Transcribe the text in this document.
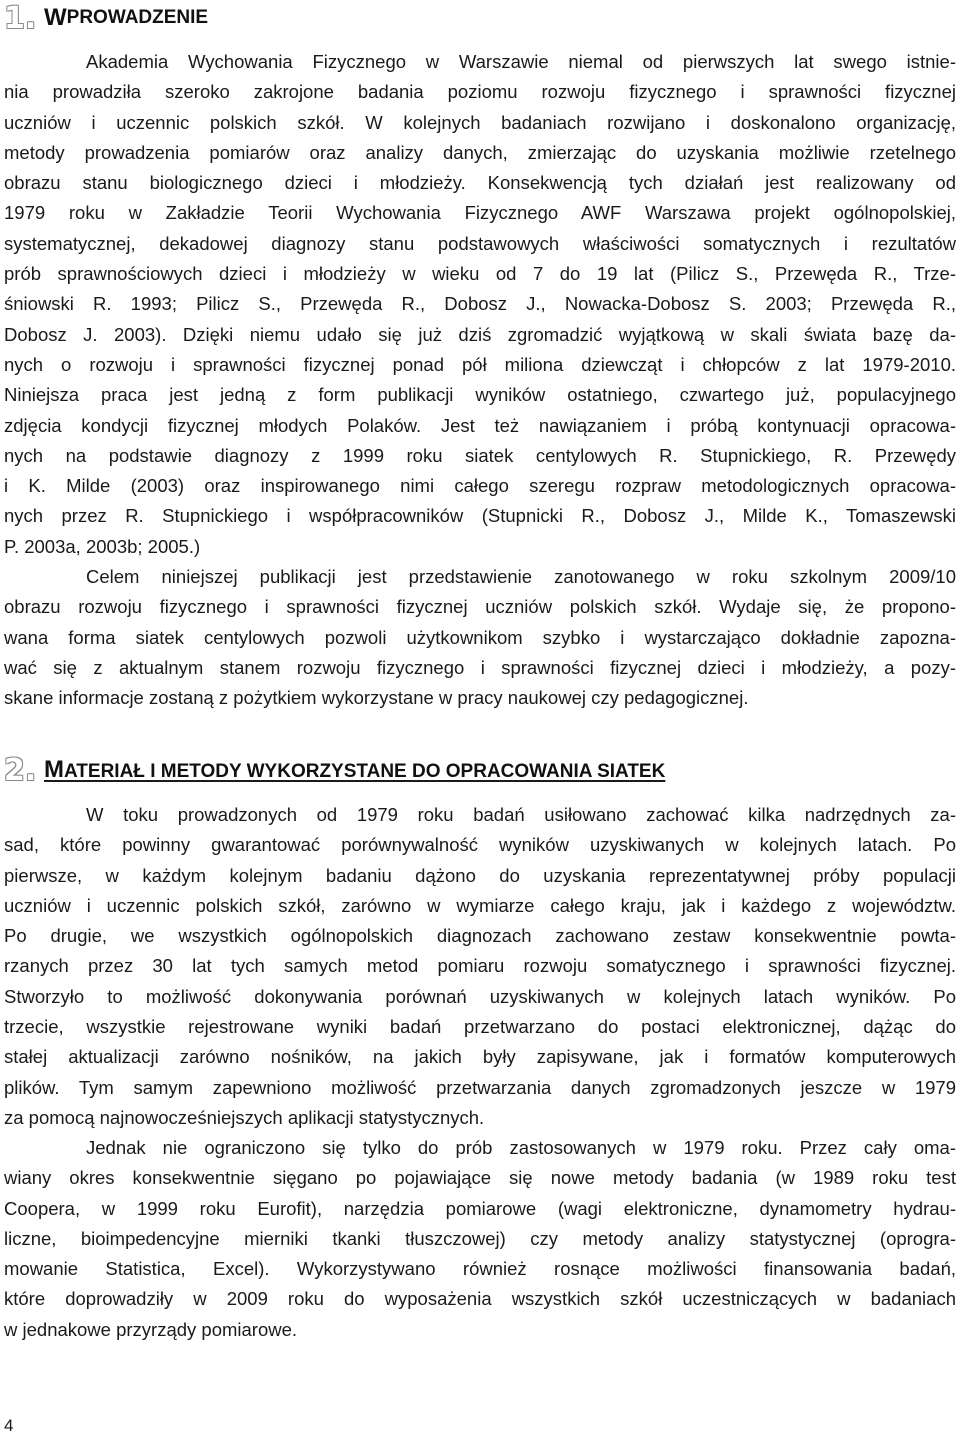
1. W PROWADZENIE
Akademia Wychowania Fizycznego w Warszawie niemal od pierwszych lat swego istnie-
nia prowadziła szeroko zakrojone badania poziomu rozwoju fizycznego i sprawności fizycznej
uczniów i uczennic polskich szkół. W kolejnych badaniach rozwijano i doskonalono organizację,
metody prowadzenia pomiarów oraz analizy danych, zmierzając do uzyskania możliwie rzetelnego
obrazu stanu biologicznego dzieci i młodzieży. Konsekwencją tych działań jest realizowany od
1979 roku w Zakładzie Teorii Wychowania Fizycznego AWF Warszawa projekt ogólnopolskiej,
systematycznej, dekadowej diagnozy stanu podstawowych właściwości somatycznych i rezultatów
prób sprawnościowych dzieci i młodzieży w wieku od 7 do 19 lat (Pilicz S., Przewęda R., Trze-
śniowski R. 1993; Pilicz S., Przewęda R., Dobosz J., Nowacka-Dobosz S. 2003; Przewęda R.,
Dobosz J. 2003). Dzięki niemu udało się już dziś zgromadzić wyjątkową w skali świata bazę da-
nych o rozwoju i sprawności fizycznej ponad pół miliona dziewcząt i chłopców z lat 1979-2010.
Niniejsza praca jest jedną z form publikacji wyników ostatniego, czwartego już, populacyjnego
zdjęcia kondycji fizycznej młodych Polaków. Jest też nawiązaniem i próbą kontynuacji opracowa-
nych na podstawie diagnozy z 1999 roku siatek centylowych R. Stupnickiego, R. Przewędy
i K. Milde (2003) oraz inspirowanego nimi całego szeregu rozpraw metodologicznych opracowa-
nych przez R. Stupnickiego i współpracowników (Stupnicki R., Dobosz J., Milde K., Tomaszewski
P. 2003a, 2003b; 2005.)
Celem niniejszej publikacji jest przedstawienie zanotowanego w roku szkolnym 2009/10
obrazu rozwoju fizycznego i sprawności fizycznej uczniów polskich szkół. Wydaje się, że propono-
wana forma siatek centylowych pozwoli użytkownikom szybko i wystarczająco dokładnie zapozna-
wać się z aktualnym stanem rozwoju fizycznego i sprawności fizycznej dzieci i młodzieży, a pozy-
skane informacje zostaną z pożytkiem wykorzystane w pracy naukowej czy pedagogicznej.
2. MATERIAŁ I METODY WYKORZYSTANE DO OPRACOWANIA SIATEK
W toku prowadzonych od 1979 roku badań usiłowano zachować kilka nadrzędnych za-
sad, które powinny gwarantować porównywalność wyników uzyskiwanych w kolejnych latach. Po
pierwsze, w każdym kolejnym badaniu dążono do uzyskania reprezentatywnej próby populacji
uczniów i uczennic polskich szkół, zarówno w wymiarze całego kraju, jak i każdego z województw.
Po drugie, we wszystkich ogólnopolskich diagnozach zachowano zestaw konsekwentnie powta-
rzanych przez 30 lat tych samych metod pomiaru rozwoju somatycznego i sprawności fizycznej.
Stworzyło to możliwość dokonywania porównań uzyskiwanych w kolejnych latach wyników. Po
trzecie, wszystkie rejestrowane wyniki badań przetwarzano do postaci elektronicznej, dążąc do
stałej aktualizacji zarówno nośników, na jakich były zapisywane, jak i formatów komputerowych
plików. Tym samym zapewniono możliwość przetwarzania danych zgromadzonych jeszcze w 1979
za pomocą najnowocześniejszych aplikacji statystycznych.
Jednak nie ograniczono się tylko do prób zastosowanych w 1979 roku. Przez cały oma-
wiany okres konsekwentnie sięgano po pojawiające się nowe metody badania (w 1989 roku test
Coopera, w 1999 roku Eurofit), narzędzia pomiarowe (wagi elektroniczne, dynamometry hydrau-
liczne, bioimpedencyjne mierniki tkanki tłuszczowej) czy metody analizy statystycznej (oprogra-
mowanie Statistica, Excel). Wykorzystywano również rosnące możliwości finansowania badań,
które doprowadziły w 2009 roku do wyposażenia wszystkich szkół uczestniczących w badaniach
w jednakowe przyrządy pomiarowe.
4
